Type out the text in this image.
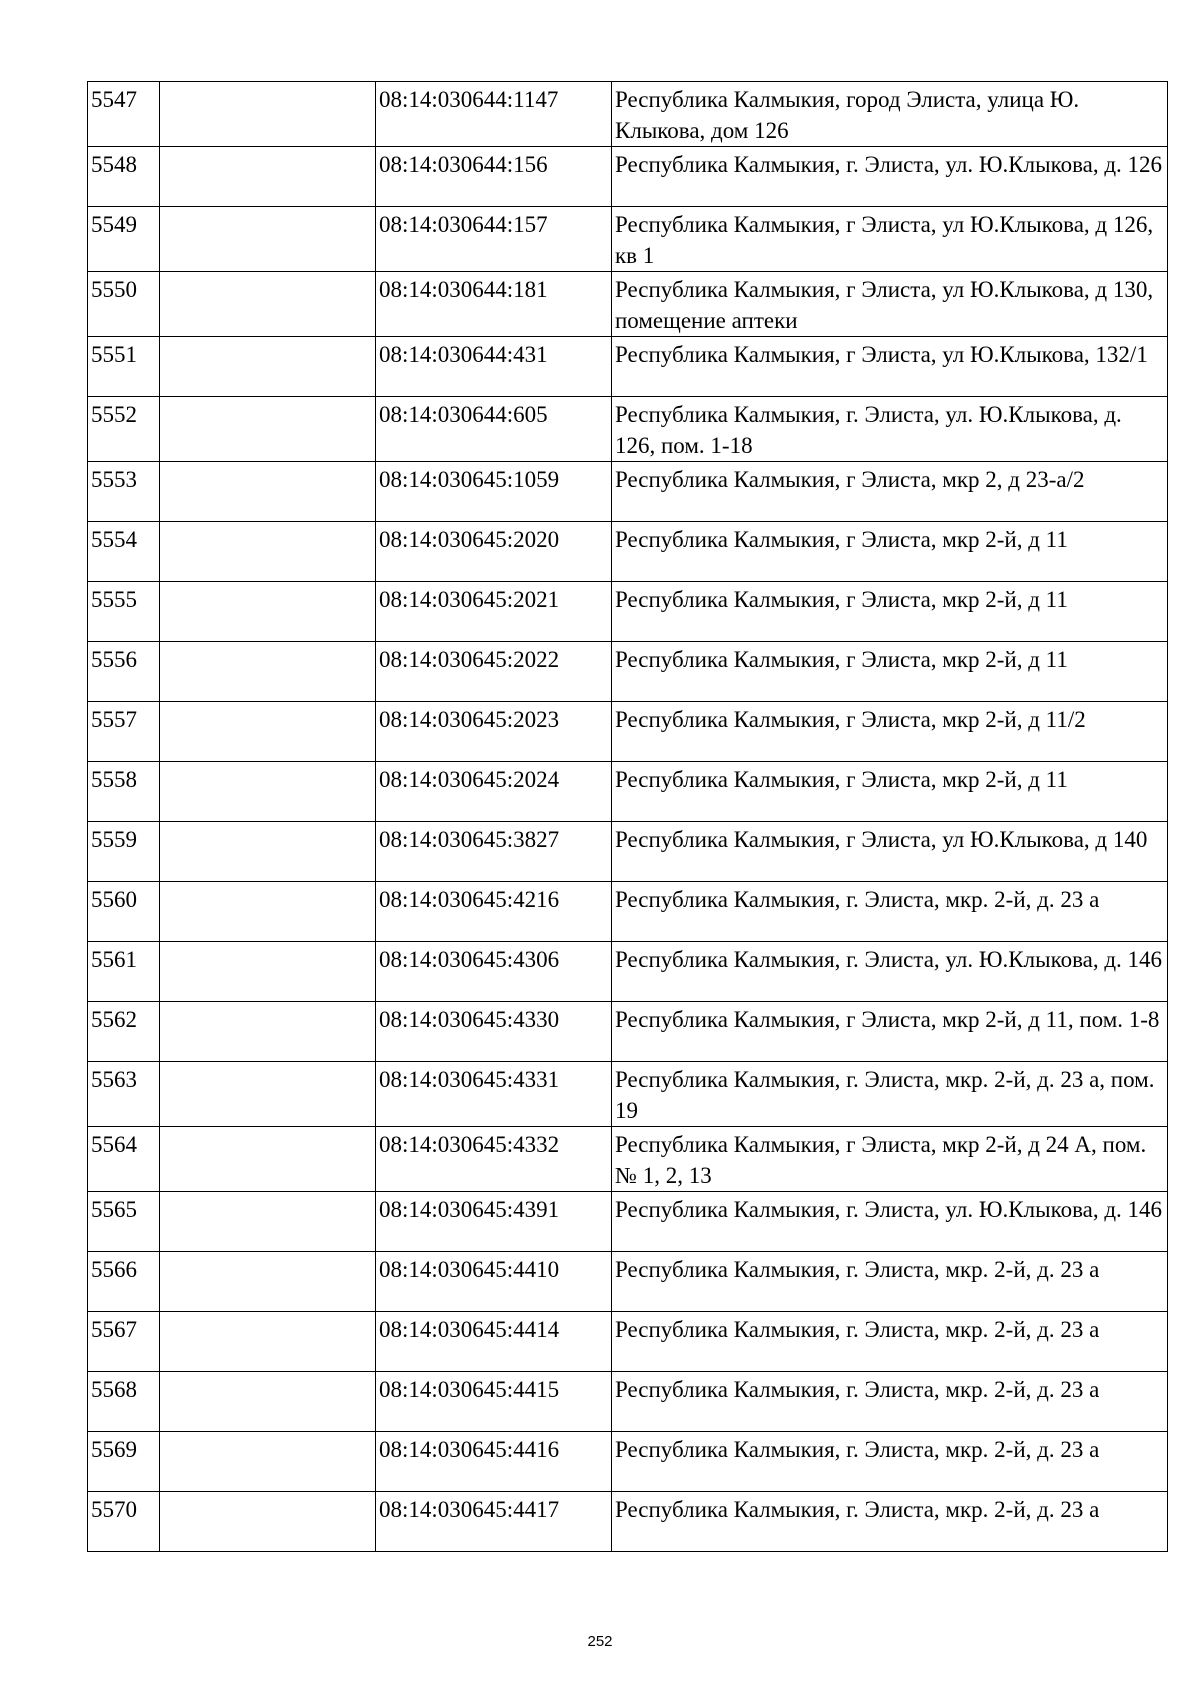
5547		08:14:030644:1147	Республика Калмыкия, город Элиста, улица Ю. Клыкова, дом 126
5548		08:14:030644:156	Республика Калмыкия, г. Элиста, ул. Ю.Клыкова, д. 126
5549		08:14:030644:157	Республика Калмыкия, г Элиста, ул Ю.Клыкова, д 126, кв 1
5550		08:14:030644:181	Республика Калмыкия, г Элиста, ул Ю.Клыкова, д 130, помещение аптеки
5551		08:14:030644:431	Республика Калмыкия, г Элиста, ул Ю.Клыкова, 132/1
5552		08:14:030644:605	Республика Калмыкия, г. Элиста, ул. Ю.Клыкова, д. 126, пом. 1-18
5553		08:14:030645:1059	Республика Калмыкия, г Элиста, мкр 2, д 23-а/2
5554		08:14:030645:2020	Республика Калмыкия, г Элиста, мкр 2-й, д 11
5555		08:14:030645:2021	Республика Калмыкия, г Элиста, мкр 2-й, д 11
5556		08:14:030645:2022	Республика Калмыкия, г Элиста, мкр 2-й, д 11
5557		08:14:030645:2023	Республика Калмыкия, г Элиста, мкр 2-й, д 11/2
5558		08:14:030645:2024	Республика Калмыкия, г Элиста, мкр 2-й, д 11
5559		08:14:030645:3827	Республика Калмыкия, г Элиста, ул Ю.Клыкова, д 140
5560		08:14:030645:4216	Республика Калмыкия, г. Элиста, мкр. 2-й, д. 23 а
5561		08:14:030645:4306	Республика Калмыкия, г. Элиста, ул. Ю.Клыкова, д. 146
5562		08:14:030645:4330	Республика Калмыкия, г Элиста, мкр 2-й, д 11, пом. 1-8
5563		08:14:030645:4331	Республика Калмыкия, г. Элиста, мкр. 2-й, д. 23 а, пом. 19
5564		08:14:030645:4332	Республика Калмыкия, г Элиста, мкр 2-й, д 24 А, пом. № 1, 2, 13
5565		08:14:030645:4391	Республика Калмыкия, г. Элиста, ул. Ю.Клыкова, д. 146
5566		08:14:030645:4410	Республика Калмыкия, г. Элиста, мкр. 2-й, д. 23 а
5567		08:14:030645:4414	Республика Калмыкия, г. Элиста, мкр. 2-й, д. 23 а
5568		08:14:030645:4415	Республика Калмыкия, г. Элиста, мкр. 2-й, д. 23 а
5569		08:14:030645:4416	Республика Калмыкия, г. Элиста, мкр. 2-й, д. 23 а
5570		08:14:030645:4417	Республика Калмыкия, г. Элиста, мкр. 2-й, д. 23 а
252
